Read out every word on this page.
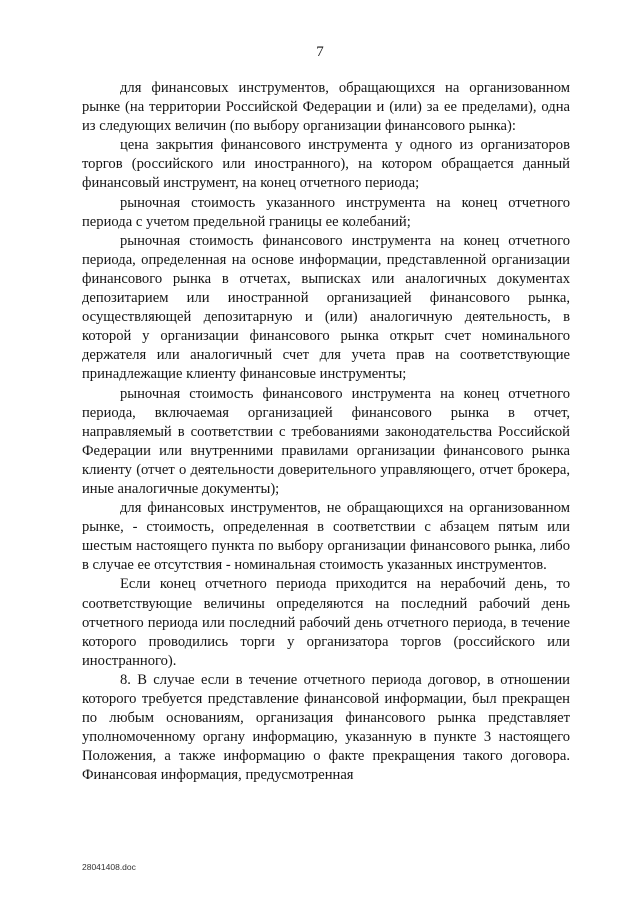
7

для финансовых инструментов, обращающихся на организованном рынке (на территории Российской Федерации и (или) за ее пределами), одна из следующих величин (по выбору организации финансового рынка):

цена закрытия финансового инструмента у одного из организаторов торгов (российского или иностранного), на котором обращается данный финансовый инструмент, на конец отчетного периода;

рыночная стоимость указанного инструмента на конец отчетного периода с учетом предельной границы ее колебаний;

рыночная стоимость финансового инструмента на конец отчетного периода, определенная на основе информации, представленной организации финансового рынка в отчетах, выписках или аналогичных документах депозитарием или иностранной организацией финансового рынка, осуществляющей депозитарную и (или) аналогичную деятельность, в которой у организации финансового рынка открыт счет номинального держателя или аналогичный счет для учета прав на соответствующие принадлежащие клиенту финансовые инструменты;

рыночная стоимость финансового инструмента на конец отчетного периода, включаемая организацией финансового рынка в отчет, направляемый в соответствии с требованиями законодательства Российской Федерации или внутренними правилами организации финансового рынка клиенту (отчет о деятельности доверительного управляющего, отчет брокера, иные аналогичные документы);

для финансовых инструментов, не обращающихся на организованном рынке, - стоимость, определенная в соответствии с абзацем пятым или шестым настоящего пункта по выбору организации финансового рынка, либо в случае ее отсутствия - номинальная стоимость указанных инструментов.

Если конец отчетного периода приходится на нерабочий день, то соответствующие величины определяются на последний рабочий день отчетного периода или последний рабочий день отчетного периода, в течение которого проводились торги у организатора торгов (российского или иностранного).

8. В случае если в течение отчетного периода договор, в отношении которого требуется представление финансовой информации, был прекращен по любым основаниям, организация финансового рынка представляет уполномоченному органу информацию, указанную в пункте 3 настоящего Положения, а также информацию о факте прекращения такого договора. Финансовая информация, предусмотренная

28041408.doc
